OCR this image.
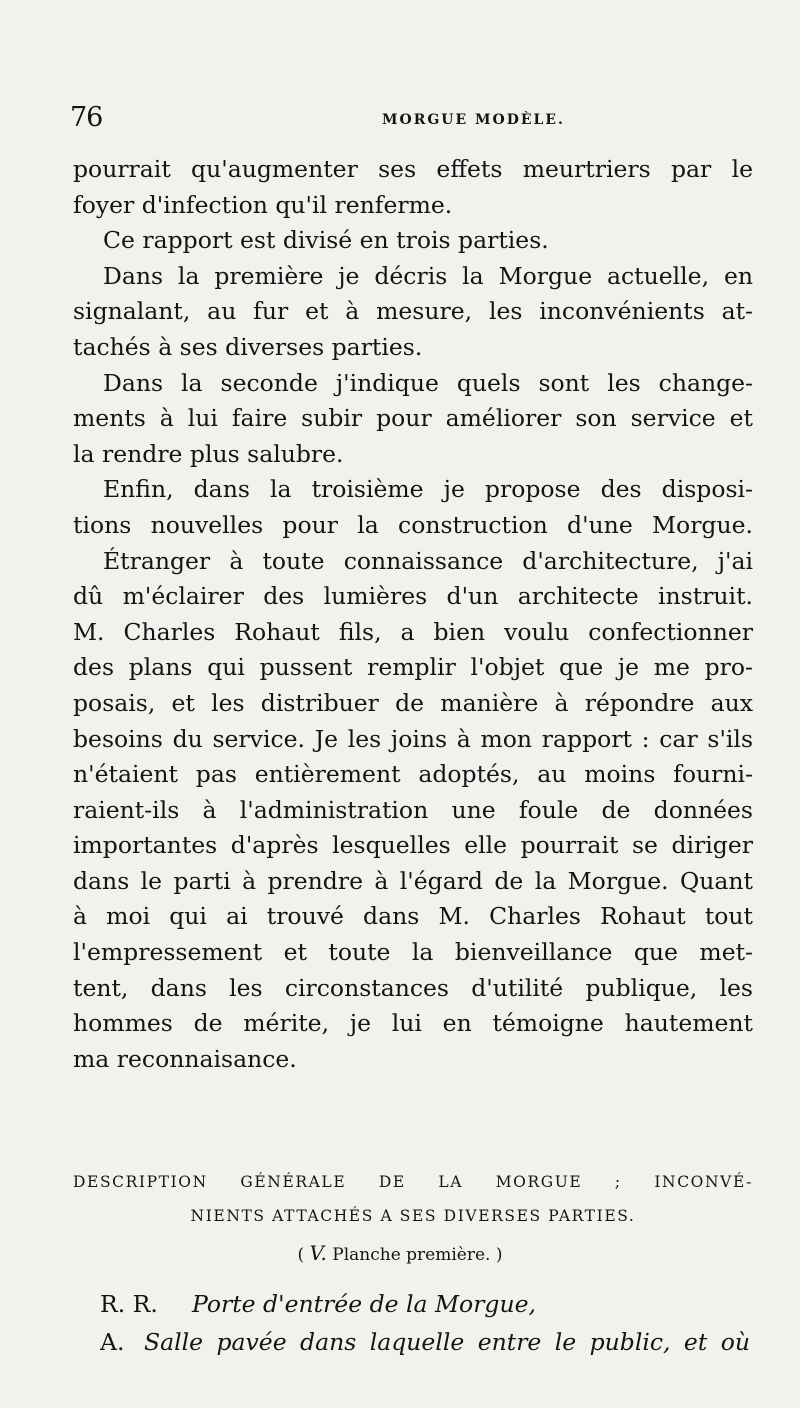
76	MORGUE MODÈLE.
pourrait qu'augmenter ses effets meurtriers par le
foyer d'infection qu'il renferme.
Ce rapport est divisé en trois parties.
Dans la première je décris la Morgue actuelle, en
signalant, au fur et à mesure, les inconvénients at-
tachés à ses diverses parties.
Dans la seconde j'indique quels sont les change-
ments à lui faire subir pour améliorer son service et
la rendre plus salubre.
Enfin, dans la troisième je propose des disposi-
tions nouvelles pour la construction d'une Morgue.
Étranger à toute connaissance d'architecture, j'ai
dû m'éclairer des lumières d'un architecte instruit.
M. Charles Rohaut fils, a bien voulu confectionner
des plans qui pussent remplir l'objet que je me pro-
posais, et les distribuer de manière à répondre aux
besoins du service. Je les joins à mon rapport : car s'ils
n'étaient pas entièrement adoptés, au moins fourni-
raient-ils à l'administration une foule de données
importantes d'après lesquelles elle pourrait se diriger
dans le parti à prendre à l'égard de la Morgue. Quant
à moi qui ai trouvé dans M. Charles Rohaut tout
l'empressement et toute la bienveillance que met-
tent, dans les circonstances d'utilité publique, les
hommes de mérite, je lui en témoigne hautement
ma reconnaisance.
DESCRIPTION GÉNÉRALE DE LA MORGUE ; INCONVÉ-
NIENTS ATTACHÉS A SES DIVERSES PARTIES.
( V. Planche première. )
R. R. Porte d'entrée de la Morgue,
A. Salle pavée dans laquelle entre le public, et où
